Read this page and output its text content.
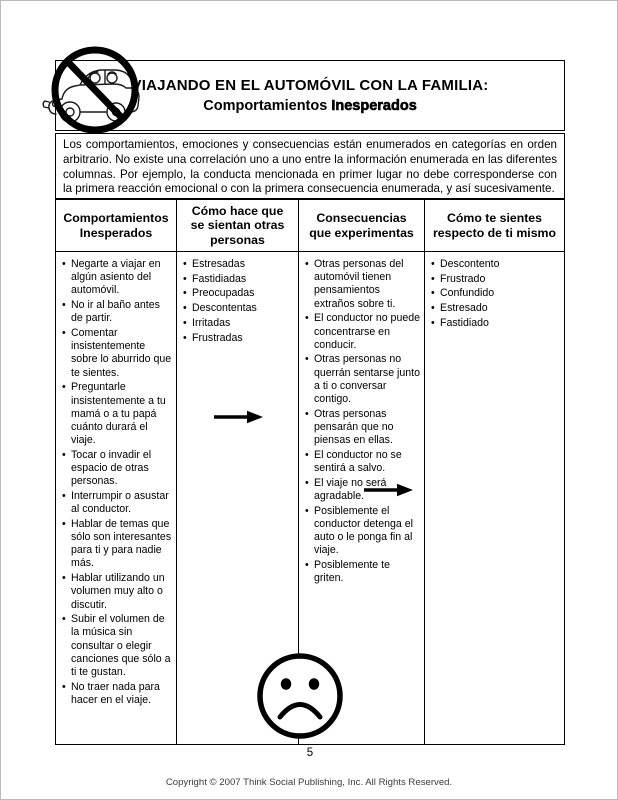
VIAJANDO EN EL AUTOMÓVIL CON LA FAMILIA:
Comportamientos Inesperados
Los comportamientos, emociones y consecuencias están enumerados en categorías en orden arbitrario. No existe una correlación uno a uno entre la información enumerada en las diferentes columnas. Por ejemplo, la conducta mencionada en primer lugar no debe corresponderse con la primera reacción emocional o con la primera consecuencia enumerada, y así sucesivamente.
Comportamientos Inesperados
• Negarte a viajar en algún asiento del automóvil.
• No ir al baño antes de partir.
• Comentar insistentemente sobre lo aburrido que te sientes.
• Preguntarle insistentemente a tu mamá o a tu papá cuánto durará el viaje.
• Tocar o invadir el espacio de otras personas.
• Interrumpir o asustar al conductor.
• Hablar de temas que sólo son interesantes para ti y para nadie más.
• Hablar utilizando un volumen muy alto o discutir.
• Subir el volumen de la música sin consultar o elegir canciones que sólo a ti te gustan.
• No traer nada para hacer en el viaje.
Cómo hace que se sientan otras personas
• Estresadas
• Fastidiadas
• Preocupadas
• Descontentas
• Irritadas
• Frustradas
Consecuencias que experimentas
• Otras personas del automóvil tienen pensamientos extraños sobre ti.
• El conductor no puede concentrarse en conducir.
• Otras personas no querrán sentarse junto a ti o conversar contigo.
• Otras personas pensarán que no piensas en ellas.
• El conductor no se sentirá a salvo.
• El viaje no será agradable.
• Posiblemente el conductor detenga el auto o le ponga fin al viaje.
• Posiblemente te griten.
Cómo te sientes respecto de ti mismo
• Descontento
• Frustrado
• Confundido
• Estresado
• Fastidiado
5
Copyright © 2007 Think Social Publishing, Inc. All Rights Reserved.
